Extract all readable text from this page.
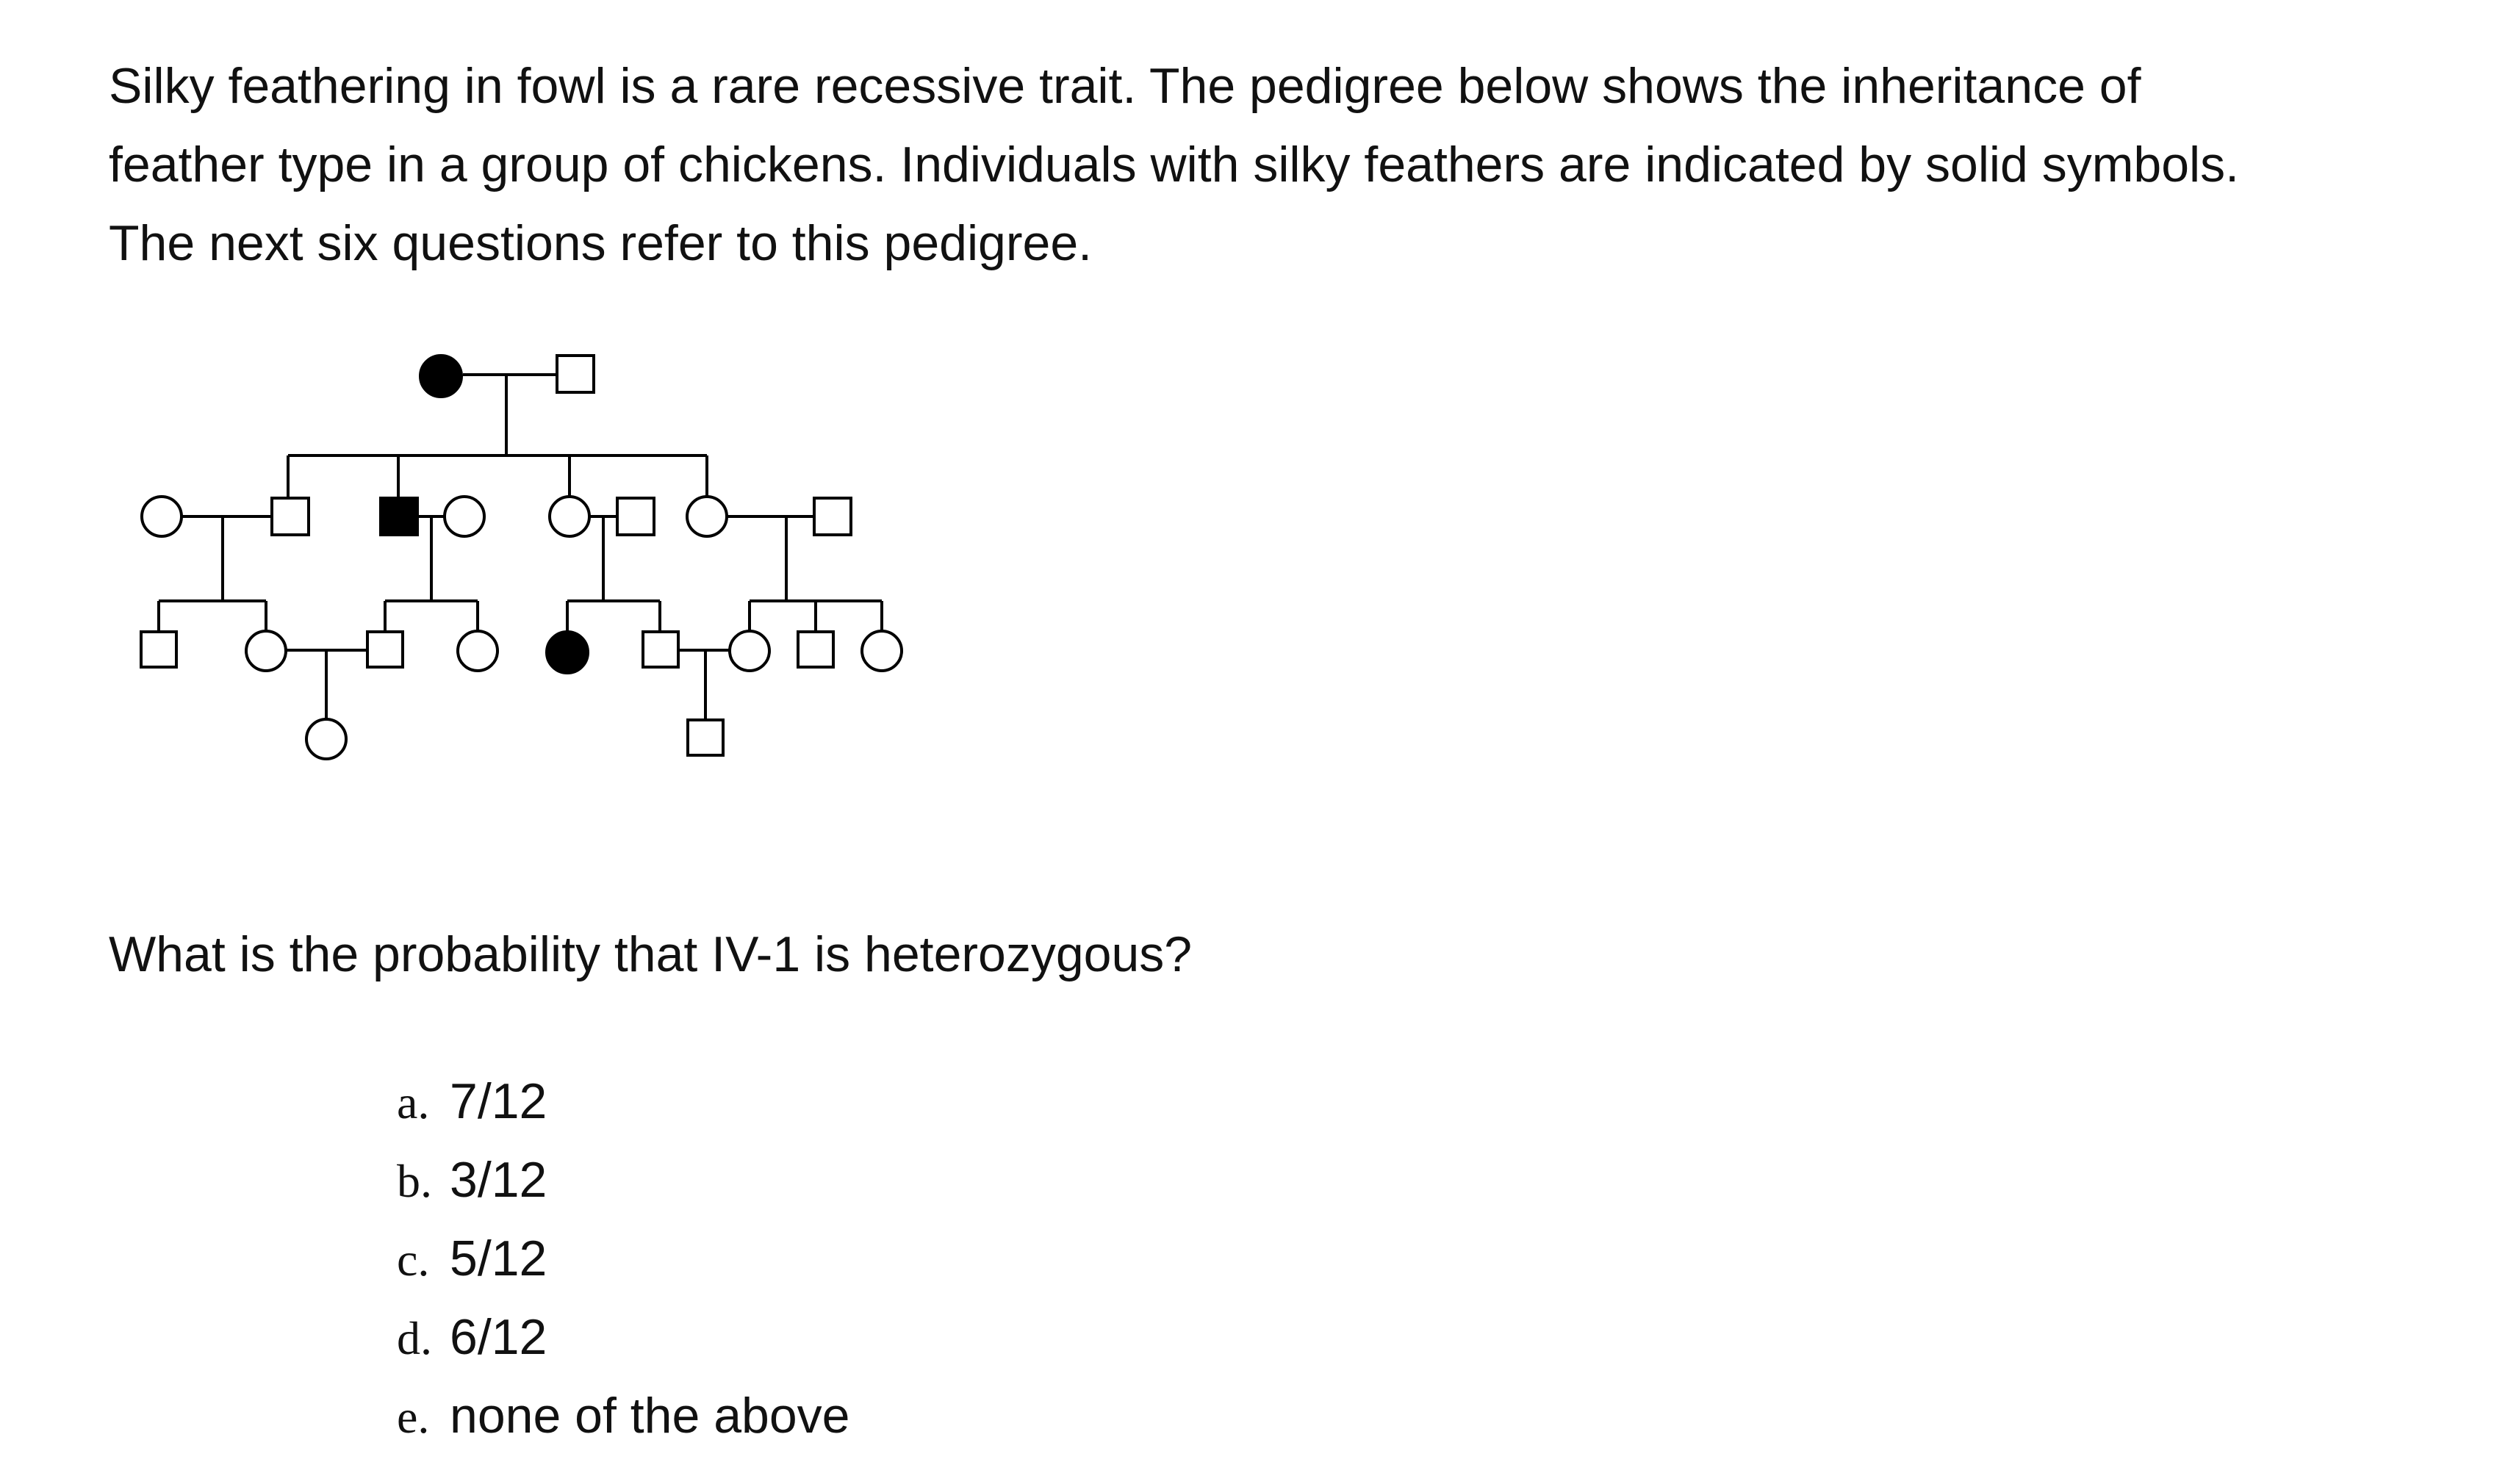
Silky feathering in fowl is a rare recessive trait. The pedigree below shows the inheritance of

feather type in a group of chickens. Individuals with silky feathers are indicated by solid symbols.

The next six questions refer to this pedigree.

What is the probability that IV-1 is heterozygous?

a. 7/12
b. 3/12
c. 5/12
d. 6/12
e. none of the above
